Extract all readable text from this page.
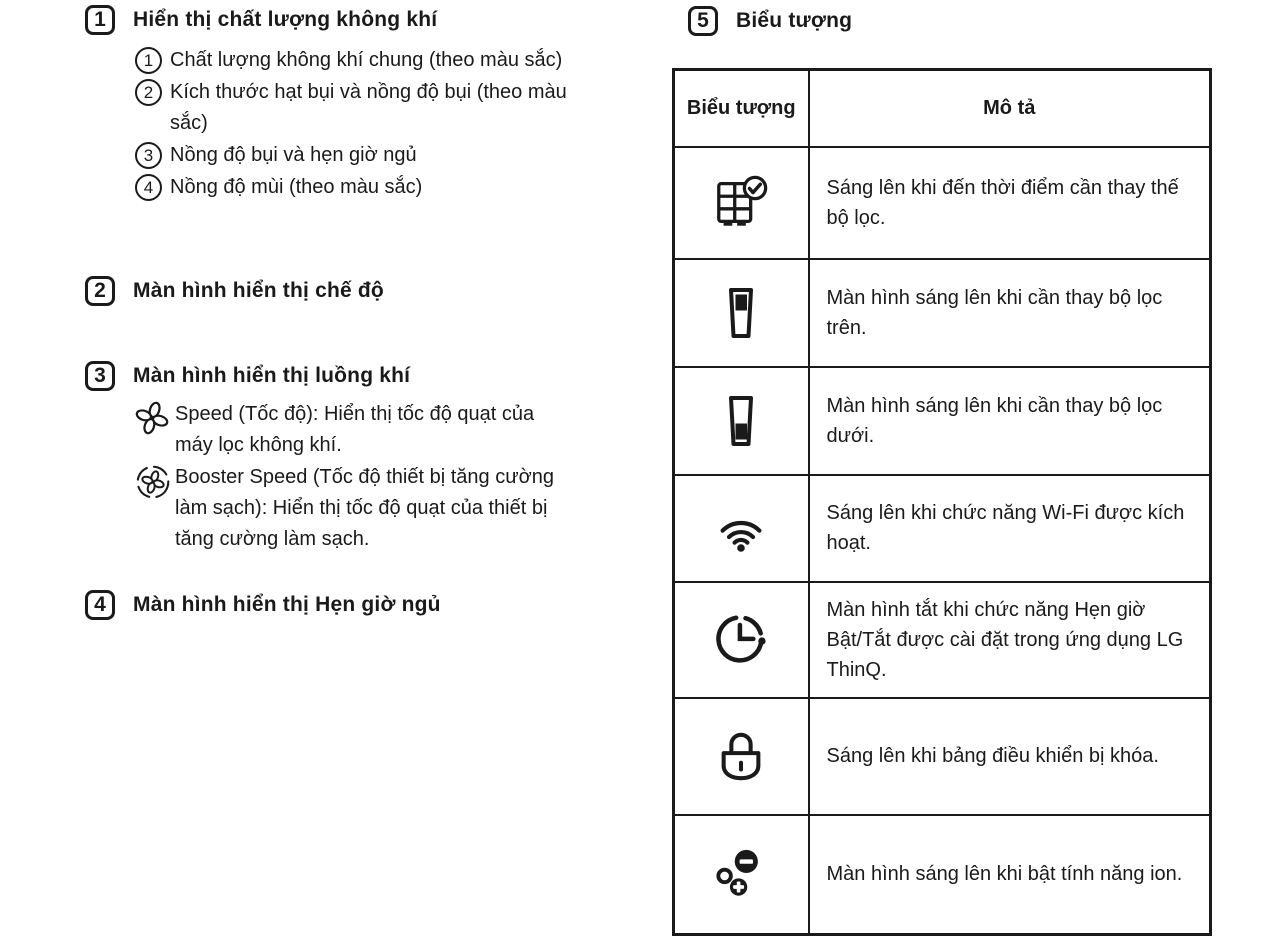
1	Hiển thị chất lượng không khí
1 Chất lượng không khí chung (theo màu sắc)
2 Kích thước hạt bụi và nồng độ bụi (theo màu sắc)
3 Nồng độ bụi và hẹn giờ ngủ
4 Nồng độ mùi (theo màu sắc)
2	Màn hình hiển thị chế độ
3	Màn hình hiển thị luồng khí
Speed (Tốc độ): Hiển thị tốc độ quạt của máy lọc không khí.
Booster Speed (Tốc độ thiết bị tăng cường làm sạch): Hiển thị tốc độ quạt của thiết bị tăng cường làm sạch.
4	Màn hình hiển thị Hẹn giờ ngủ
5	Biểu tượng
Biểu tượng	Mô tả
	Sáng lên khi đến thời điểm cần thay thế bộ lọc.
	Màn hình sáng lên khi cần thay bộ lọc trên.
	Màn hình sáng lên khi cần thay bộ lọc dưới.
	Sáng lên khi chức năng Wi-Fi được kích hoạt.
	Màn hình tắt khi chức năng Hẹn giờ Bật/Tắt được cài đặt trong ứng dụng LG ThinQ.
	Sáng lên khi bảng điều khiển bị khóa.
	Màn hình sáng lên khi bật tính năng ion.
